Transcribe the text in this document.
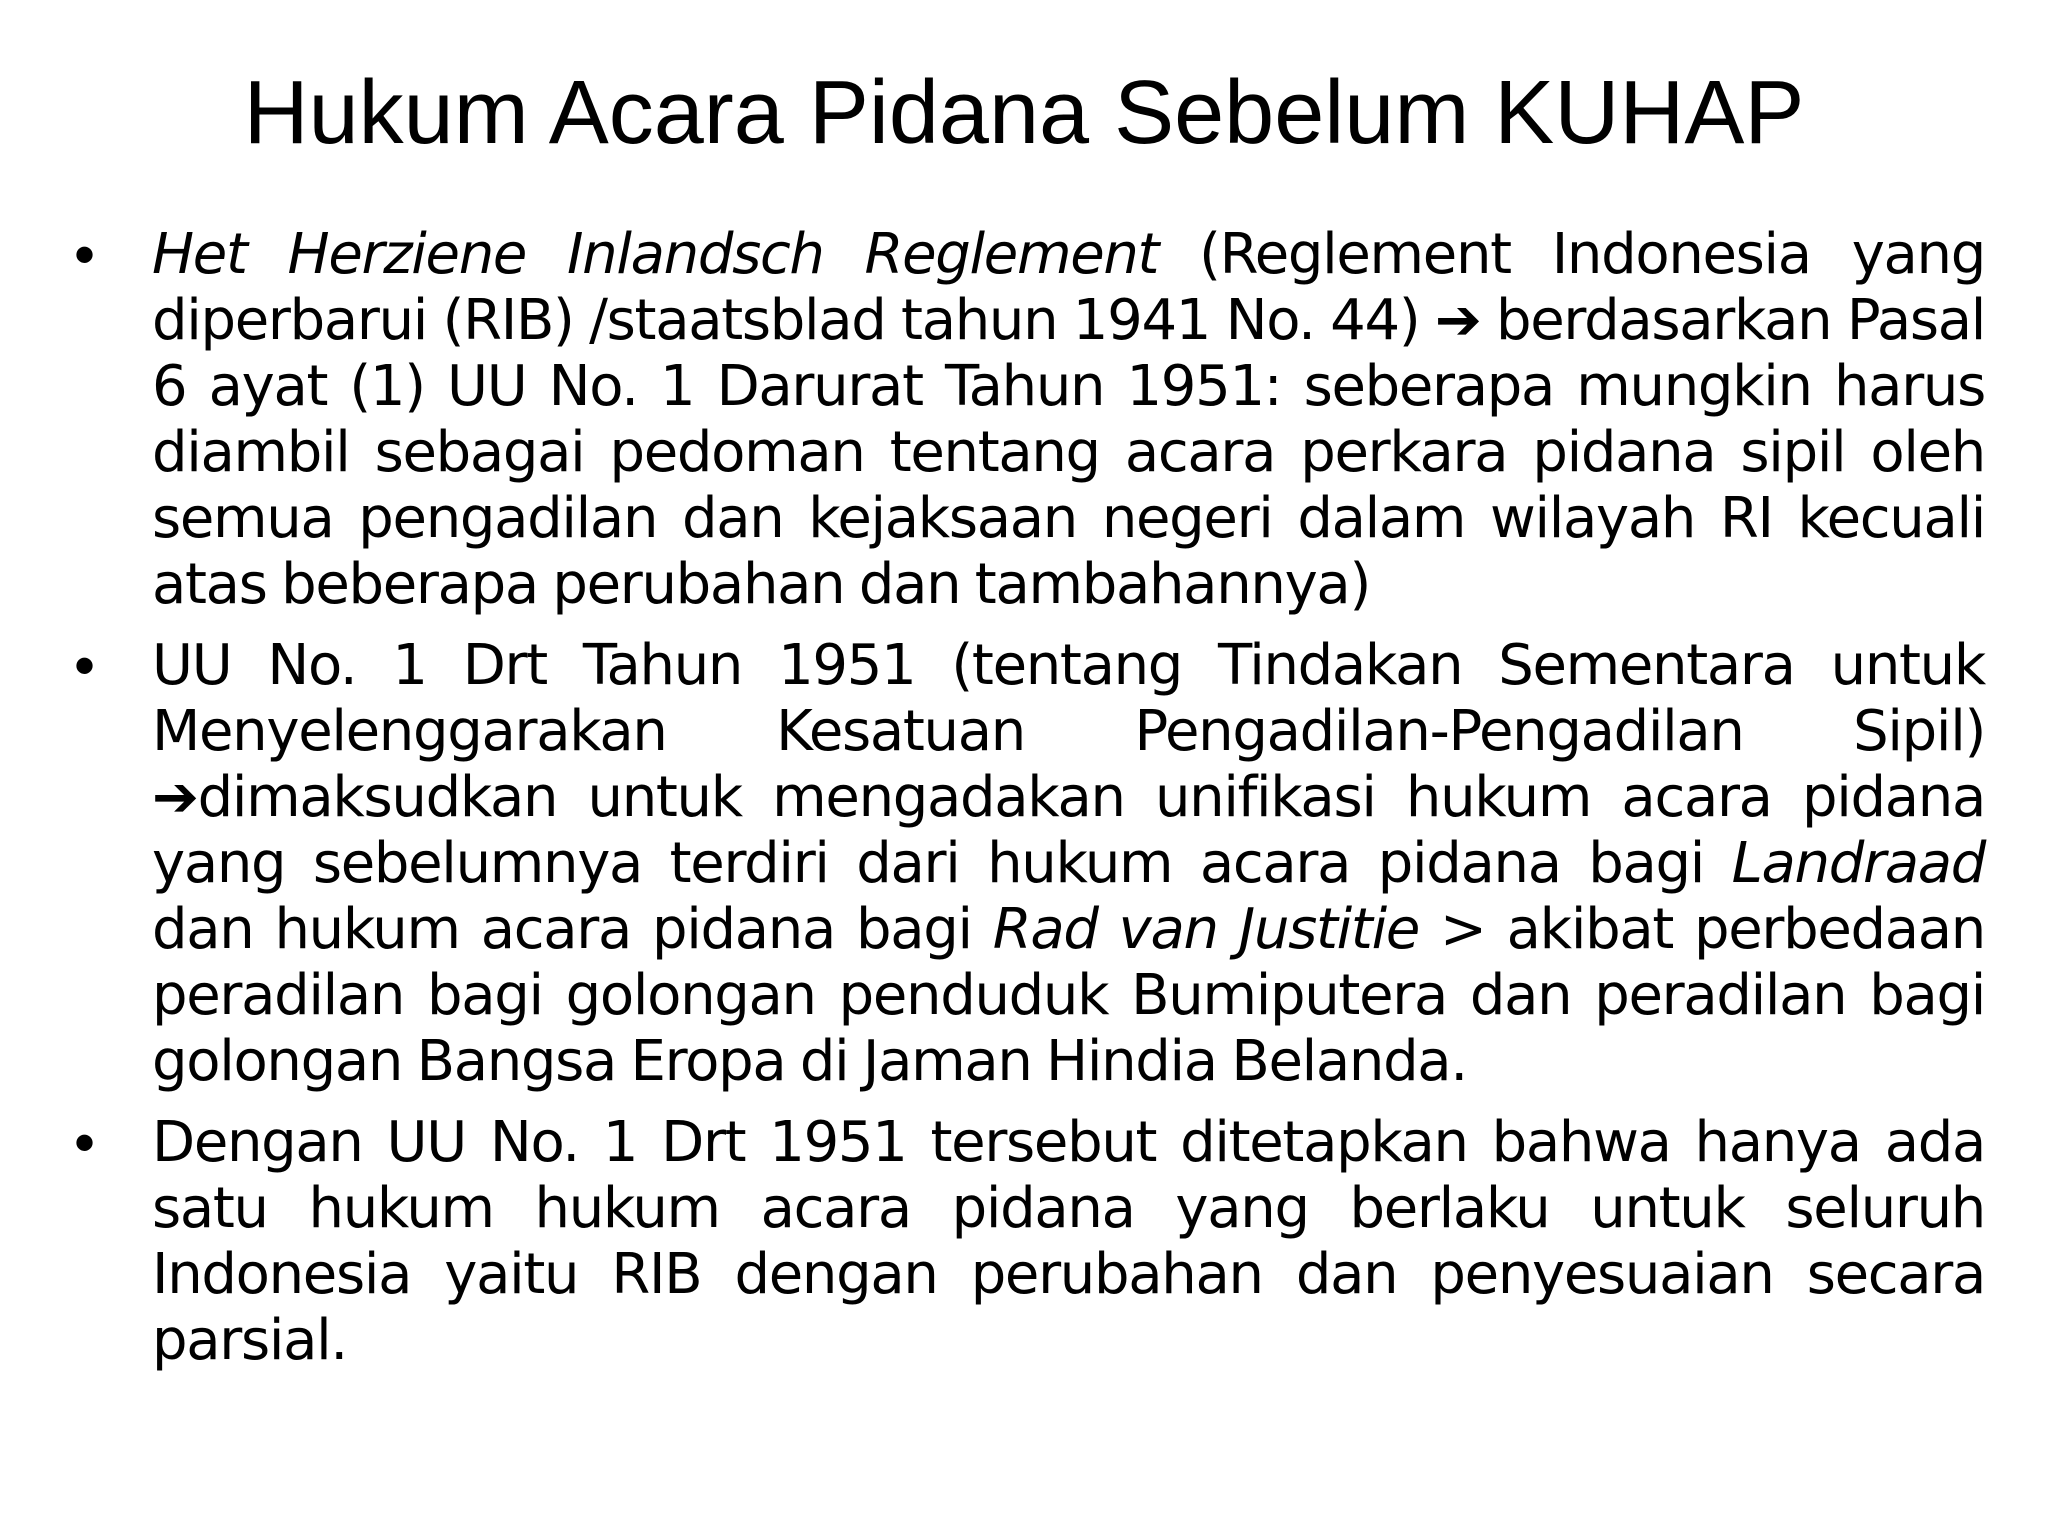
Hukum Acara Pidana Sebelum KUHAP
• Het Herziene Inlandsch Reglement (Reglement Indonesia yang diperbarui (RIB) /staatsblad tahun 1941 No. 44) ➔ berdasarkan Pasal 6 ayat (1) UU No. 1 Darurat Tahun 1951: seberapa mungkin harus diambil sebagai pedoman tentang acara perkara pidana sipil oleh semua pengadilan dan kejaksaan negeri dalam wilayah RI kecuali atas beberapa perubahan dan tambahannya)
• UU No. 1 Drt Tahun 1951 (tentang Tindakan Sementara untuk Menyelenggarakan Kesatuan Pengadilan-Pengadilan Sipil) ➔dimaksudkan untuk mengadakan unifikasi hukum acara pidana yang sebelumnya terdiri dari hukum acara pidana bagi Landraad dan hukum acara pidana bagi Rad van Justitie > akibat perbedaan peradilan bagi golongan penduduk Bumiputera dan peradilan bagi golongan Bangsa Eropa di Jaman Hindia Belanda.
• Dengan UU No. 1 Drt 1951 tersebut ditetapkan bahwa hanya ada satu hukum hukum acara pidana yang berlaku untuk seluruh Indonesia yaitu RIB dengan perubahan dan penyesuaian secara parsial.
